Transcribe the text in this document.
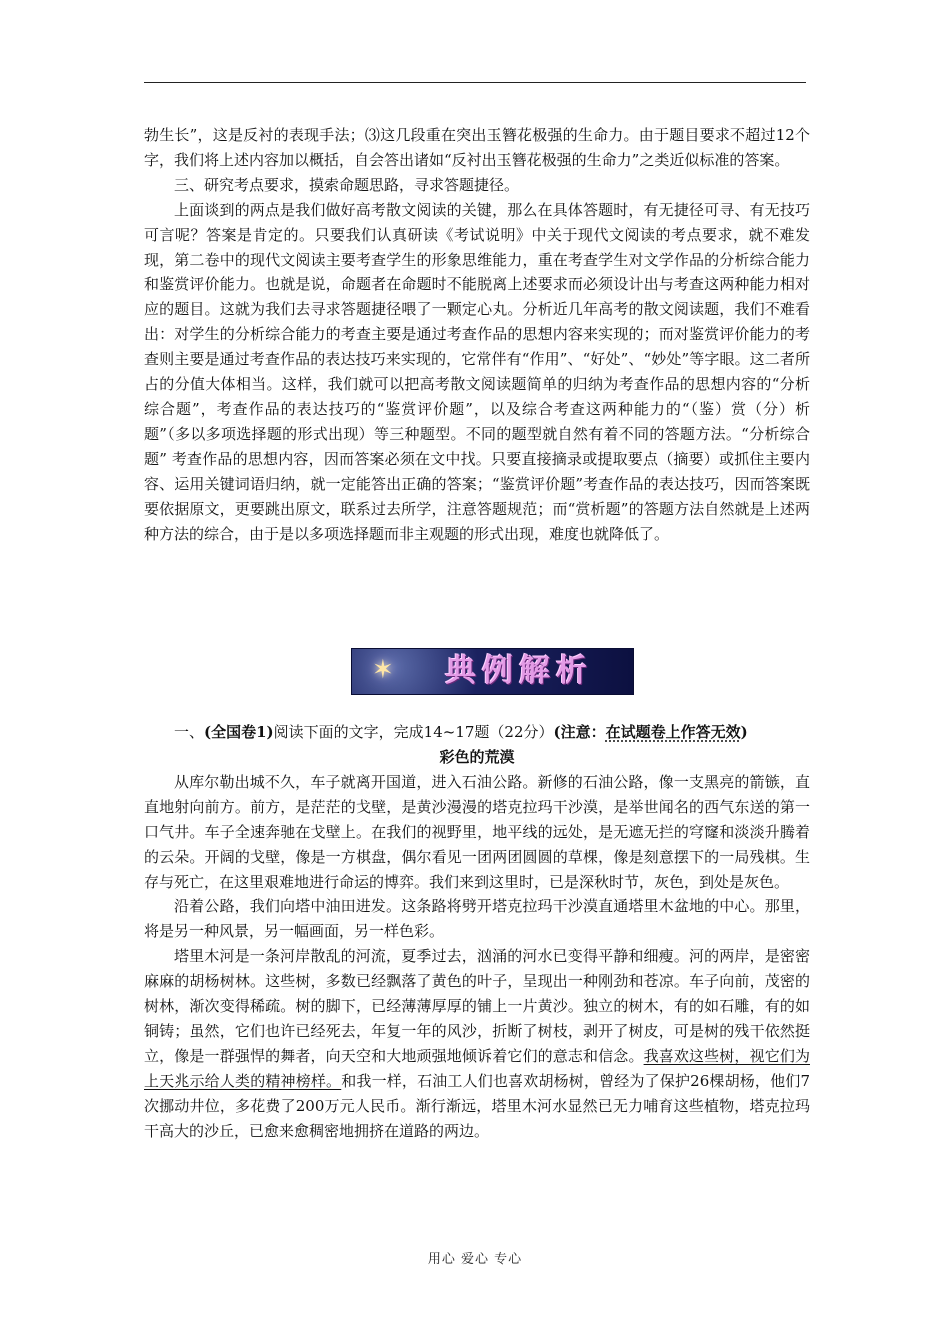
勃生长”，这是反衬的表现手法；⑶这几段重在突出玉簪花极强的生命力。由于题目要求不超过12个字，我们将上述内容加以概括，自会答出诸如“反衬出玉簪花极强的生命力”之类近似标准的答案。

三、研究考点要求，摸索命题思路，寻求答题捷径。

上面谈到的两点是我们做好高考散文阅读的关键，那么在具体答题时，有无捷径可寻、有无技巧可言呢？答案是肯定的。只要我们认真研读《考试说明》中关于现代文阅读的考点要求，就不难发现，第二卷中的现代文阅读主要考查学生的形象思维能力，重在考查学生对文学作品的分析综合能力和鉴赏评价能力。也就是说，命题者在命题时不能脱离上述要求而必须设计出与考查这两种能力相对应的题目。这就为我们去寻求答题捷径喂了一颗定心丸。分析近几年高考的散文阅读题，我们不难看出：对学生的分析综合能力的考查主要是通过考查作品的思想内容来实现的；而对鉴赏评价能力的考查则主要是通过考查作品的表达技巧来实现的，它常伴有“作用”、“好处”、“妙处”等字眼。这二者所占的分值大体相当。这样，我们就可以把高考散文阅读题简单的归纳为考查作品的思想内容的“分析综合题”，考查作品的表达技巧的“鉴赏评价题”，以及综合考查这两种能力的“（鉴）赏（分）析题”（多以多项选择题的形式出现）等三种题型。不同的题型就自然有着不同的答题方法。“分析综合题” 考查作品的思想内容，因而答案必须在文中找。只要直接摘录或提取要点（摘要）或抓住主要内容、运用关键词语归纳，就一定能答出正确的答案；“鉴赏评价题”考查作品的表达技巧，因而答案既要依据原文，更要跳出原文，联系过去所学，注意答题规范；而“赏析题”的答题方法自然就是上述两种方法的综合，由于是以多项选择题而非主观题的形式出现，难度也就降低了。

✶	典例解析

一、(全国卷1)阅读下面的文字，完成14~17题（22分）(注意：在试题卷上作答无效)

彩色的荒漠

从库尔勒出城不久，车子就离开国道，进入石油公路。新修的石油公路，像一支黑亮的箭镞，直直地射向前方。前方，是茫茫的戈壁，是黄沙漫漫的塔克拉玛干沙漠，是举世闻名的西气东送的第一口气井。车子全速奔驰在戈壁上。在我们的视野里，地平线的远处，是无遮无拦的穹窿和淡淡升腾着的云朵。开阔的戈壁，像是一方棋盘，偶尔看见一团两团圆圆的草棵，像是刻意摆下的一局残棋。生存与死亡，在这里艰难地进行命运的博弈。我们来到这里时，已是深秋时节，灰色，到处是灰色。

沿着公路，我们向塔中油田进发。这条路将劈开塔克拉玛干沙漠直通塔里木盆地的中心。那里，将是另一种风景，另一幅画面，另一样色彩。

塔里木河是一条河岸散乱的河流，夏季过去，汹涌的河水已变得平静和细瘦。河的两岸，是密密麻麻的胡杨树林。这些树，多数已经飘落了黄色的叶子，呈现出一种刚劲和苍凉。车子向前，茂密的树林，渐次变得稀疏。树的脚下，已经薄薄厚厚的铺上一片黄沙。独立的树木，有的如石雕，有的如铜铸；虽然，它们也许已经死去，年复一年的风沙，折断了树枝，剥开了树皮，可是树的残干依然挺立，像是一群强悍的舞者，向天空和大地顽强地倾诉着它们的意志和信念。我喜欢这些树，视它们为上天兆示给人类的精神榜样。和我一样，石油工人们也喜欢胡杨树，曾经为了保护26棵胡杨，他们7次挪动井位，多花费了200万元人民币。渐行渐远，塔里木河水显然已无力哺育这些植物，塔克拉玛干高大的沙丘，已愈来愈稠密地拥挤在道路的两边。

用心 爱心 专心
